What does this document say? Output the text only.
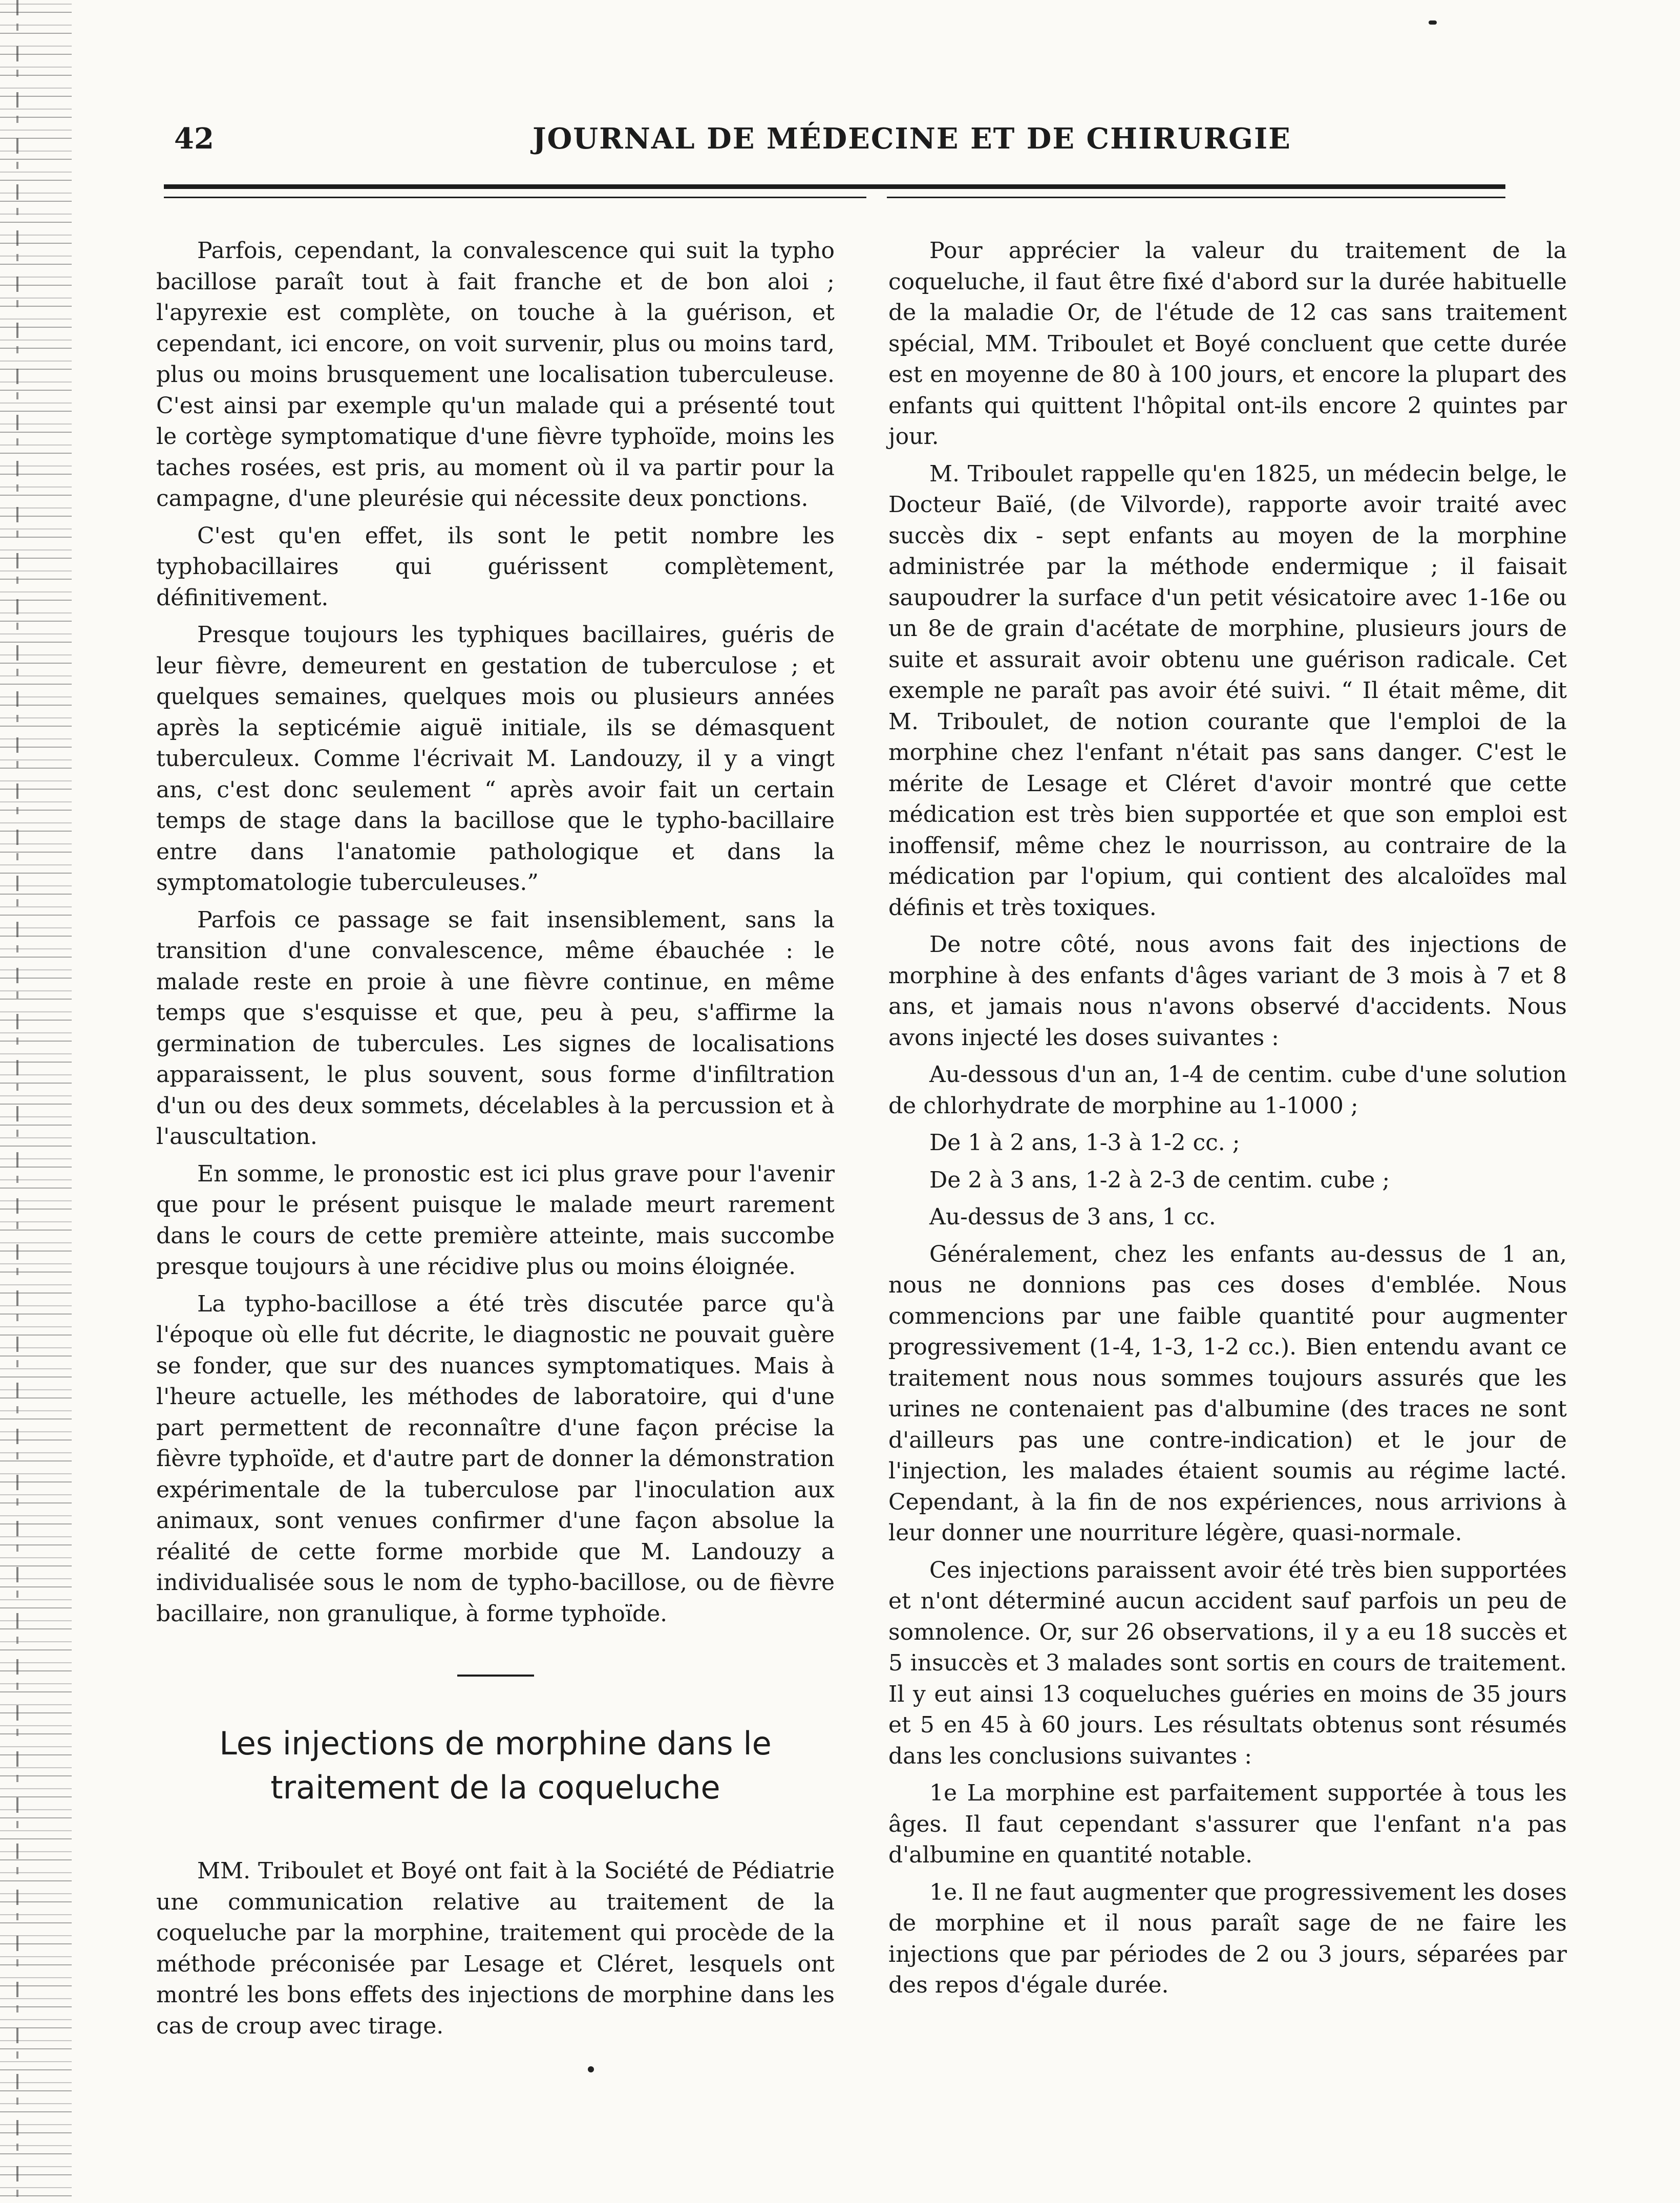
42	JOURNAL DE MÉDECINE ET DE CHIRURGIE

Parfois, cependant, la convalescence qui suit la typho bacillose paraît tout à fait franche et de bon aloi ; l'apyrexie est complète, on touche à la guérison, et cependant, ici encore, on voit survenir, plus ou moins tard, plus ou moins brusquement une localisation tuberculeuse. C'est ainsi par exemple qu'un malade qui a présenté tout le cortège symptomatique d'une fièvre typhoïde, moins les taches rosées, est pris, au moment où il va partir pour la campagne, d'une pleurésie qui nécessite deux ponctions.

C'est qu'en effet, ils sont le petit nombre les typhobacillaires qui guérissent complètement, définitivement.

Presque toujours les typhiques bacillaires, guéris de leur fièvre, demeurent en gestation de tuberculose ; et quelques semaines, quelques mois ou plusieurs années après la septicémie aiguë initiale, ils se démasquent tuberculeux. Comme l'écrivait M. Landouzy, il y a vingt ans, c'est donc seulement “ après avoir fait un certain temps de stage dans la bacillose que le typho-bacillaire entre dans l'anatomie pathologique et dans la symptomatologie tuberculeuses.”

Parfois ce passage se fait insensiblement, sans la transition d'une convalescence, même ébauchée : le malade reste en proie à une fièvre continue, en même temps que s'esquisse et que, peu à peu, s'affirme la germination de tubercules. Les signes de localisations apparaissent, le plus souvent, sous forme d'infiltration d'un ou des deux sommets, décelables à la percussion et à l'auscultation.

En somme, le pronostic est ici plus grave pour l'avenir que pour le présent puisque le malade meurt rarement dans le cours de cette première atteinte, mais succombe presque toujours à une récidive plus ou moins éloignée.

La typho-bacillose a été très discutée parce qu'à l'époque où elle fut décrite, le diagnostic ne pouvait guère se fonder, que sur des nuances symptomatiques. Mais à l'heure actuelle, les méthodes de laboratoire, qui d'une part permettent de reconnaître d'une façon précise la fièvre typhoïde, et d'autre part de donner la démonstration expérimentale de la tuberculose par l'inoculation aux animaux, sont venues confirmer d'une façon absolue la réalité de cette forme morbide que M. Landouzy a individualisée sous le nom de typho-bacillose, ou de fièvre bacillaire, non granulique, à forme typhoïde.

Les injections de morphine dans le traitement de la coqueluche

MM. Triboulet et Boyé ont fait à la Société de Pédiatrie une communication relative au traitement de la coqueluche par la morphine, traitement qui procède de la méthode préconisée par Lesage et Cléret, lesquels ont montré les bons effets des injections de morphine dans les cas de croup avec tirage.

Pour apprécier la valeur du traitement de la coqueluche, il faut être fixé d'abord sur la durée habituelle de la maladie Or, de l'étude de 12 cas sans traitement spécial, MM. Triboulet et Boyé concluent que cette durée est en moyenne de 80 à 100 jours, et encore la plupart des enfants qui quittent l'hôpital ont-ils encore 2 quintes par jour.

M. Triboulet rappelle qu'en 1825, un médecin belge, le Docteur Baïé, (de Vilvorde), rapporte avoir traité avec succès dix - sept enfants au moyen de la morphine administrée par la méthode endermique ; il faisait saupoudrer la surface d'un petit vésicatoire avec 1-16e ou un 8e de grain d'acétate de morphine, plusieurs jours de suite et assurait avoir obtenu une guérison radicale. Cet exemple ne paraît pas avoir été suivi. “ Il était même, dit M. Triboulet, de notion courante que l'emploi de la morphine chez l'enfant n'était pas sans danger. C'est le mérite de Lesage et Cléret d'avoir montré que cette médication est très bien supportée et que son emploi est inoffensif, même chez le nourrisson, au contraire de la médication par l'opium, qui contient des alcaloïdes mal définis et très toxiques.

De notre côté, nous avons fait des injections de morphine à des enfants d'âges variant de 3 mois à 7 et 8 ans, et jamais nous n'avons observé d'accidents. Nous avons injecté les doses suivantes :

Au-dessous d'un an, 1-4 de centim. cube d'une solution de chlorhydrate de morphine au 1-1000 ;

De 1 à 2 ans, 1-3 à 1-2 cc. ;

De 2 à 3 ans, 1-2 à 2-3 de centim. cube ;

Au-dessus de 3 ans, 1 cc.

Généralement, chez les enfants au-dessus de 1 an, nous ne donnions pas ces doses d'emblée. Nous commencions par une faible quantité pour augmenter progressivement (1-4, 1-3, 1-2 cc.). Bien entendu avant ce traitement nous nous sommes toujours assurés que les urines ne contenaient pas d'albumine (des traces ne sont d'ailleurs pas une contre-indication) et le jour de l'injection, les malades étaient soumis au régime lacté. Cependant, à la fin de nos expériences, nous arrivions à leur donner une nourriture légère, quasi-normale.

Ces injections paraissent avoir été très bien supportées et n'ont déterminé aucun accident sauf parfois un peu de somnolence. Or, sur 26 observations, il y a eu 18 succès et 5 insuccès et 3 malades sont sortis en cours de traitement. Il y eut ainsi 13 coqueluches guéries en moins de 35 jours et 5 en 45 à 60 jours. Les résultats obtenus sont résumés dans les conclusions suivantes :

1e La morphine est parfaitement supportée à tous les âges. Il faut cependant s'assurer que l'enfant n'a pas d'albumine en quantité notable.

1e. Il ne faut augmenter que progressivement les doses de morphine et il nous paraît sage de ne faire les injections que par périodes de 2 ou 3 jours, séparées par des repos d'égale durée.
